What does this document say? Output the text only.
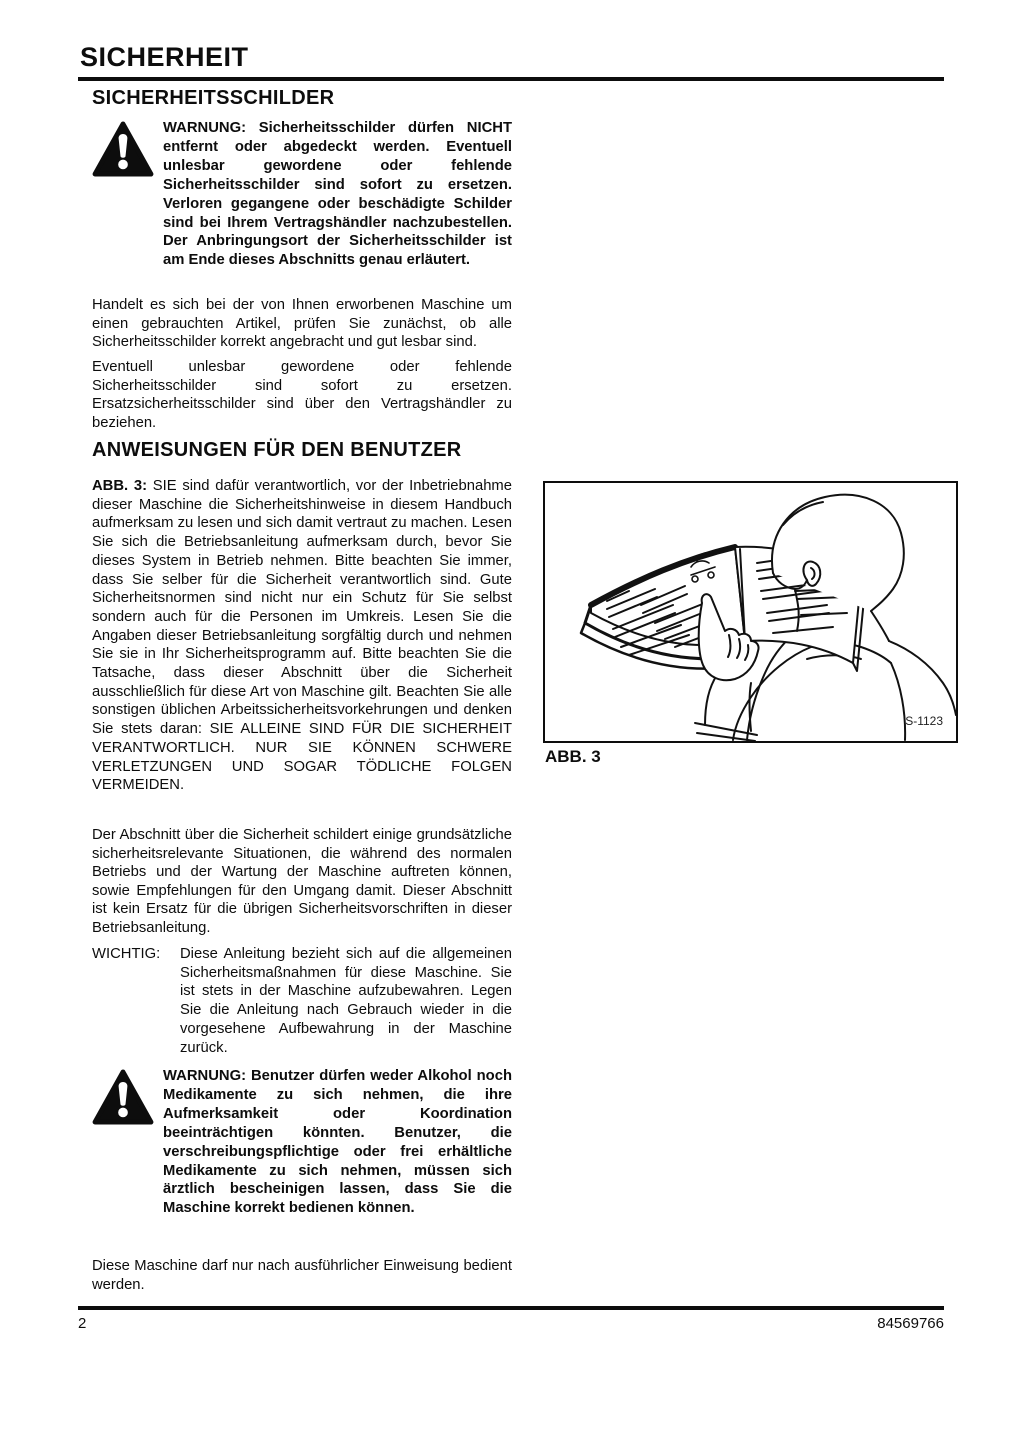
SICHERHEIT
SICHERHEITSSCHILDER
WARNUNG: Sicherheitsschilder dürfen NICHT entfernt oder abgedeckt werden. Eventuell unlesbar gewordene oder fehlende Sicherheitsschilder sind sofort zu ersetzen. Verloren gegangene oder beschädigte Schilder sind bei Ihrem Vertragshändler nachzubestellen. Der Anbringungsort der Sicherheitsschilder ist am Ende dieses Abschnitts genau erläutert.

Handelt es sich bei der von Ihnen erworbenen Maschine um einen gebrauchten Artikel, prüfen Sie zunächst, ob alle Sicherheitsschilder korrekt angebracht und gut lesbar sind.

Eventuell unlesbar gewordene oder fehlende Sicherheitsschilder sind sofort zu ersetzen. Ersatzsicherheitsschilder sind über den Vertragshändler zu beziehen.

ANWEISUNGEN FÜR DEN BENUTZER

ABB. 3: SIE sind dafür verantwortlich, vor der Inbetriebnahme dieser Maschine die Sicherheitshinweise in diesem Handbuch aufmerksam zu lesen und sich damit vertraut zu machen. Lesen Sie sich die Betriebsanleitung aufmerksam durch, bevor Sie dieses System in Betrieb nehmen. Bitte beachten Sie immer, dass Sie selber für die Sicherheit verantwortlich sind. Gute Sicherheitsnormen sind nicht nur ein Schutz für Sie selbst sondern auch für die Personen im Umkreis. Lesen Sie die Angaben dieser Betriebsanleitung sorgfältig durch und nehmen Sie sie in Ihr Sicherheitsprogramm auf. Bitte beachten Sie die Tatsache, dass dieser Abschnitt über die Sicherheit ausschließlich für diese Art von Maschine gilt. Beachten Sie alle sonstigen üblichen Arbeitssicherheitsvorkehrungen und denken Sie stets daran: SIE ALLEINE SIND FÜR DIE SICHERHEIT VERANTWORTLICH. NUR SIE KÖNNEN SCHWERE VERLETZUNGEN UND SOGAR TÖDLICHE FOLGEN VERMEIDEN.

S-1123
ABB. 3

Der Abschnitt über die Sicherheit schildert einige grundsätzliche sicherheitsrelevante Situationen, die während des normalen Betriebs und der Wartung der Maschine auftreten können, sowie Empfehlungen für den Umgang damit. Dieser Abschnitt ist kein Ersatz für die übrigen Sicherheitsvorschriften in dieser Betriebsanleitung.

WICHTIG:	Diese Anleitung bezieht sich auf die allgemeinen Sicherheitsmaßnahmen für diese Maschine. Sie ist stets in der Maschine aufzubewahren. Legen Sie die Anleitung nach Gebrauch wieder in die vorgesehene Aufbewahrung in der Maschine zurück.
WARNUNG: Benutzer dürfen weder Alkohol noch Medikamente zu sich nehmen, die ihre Aufmerksamkeit oder Koordination beeinträchtigen könnten. Benutzer, die verschreibungspflichtige oder frei erhältliche Medikamente zu sich nehmen, müssen sich ärztlich bescheinigen lassen, dass Sie die Maschine korrekt bedienen können.

Diese Maschine darf nur nach ausführlicher Einweisung bedient werden.

2	84569766
